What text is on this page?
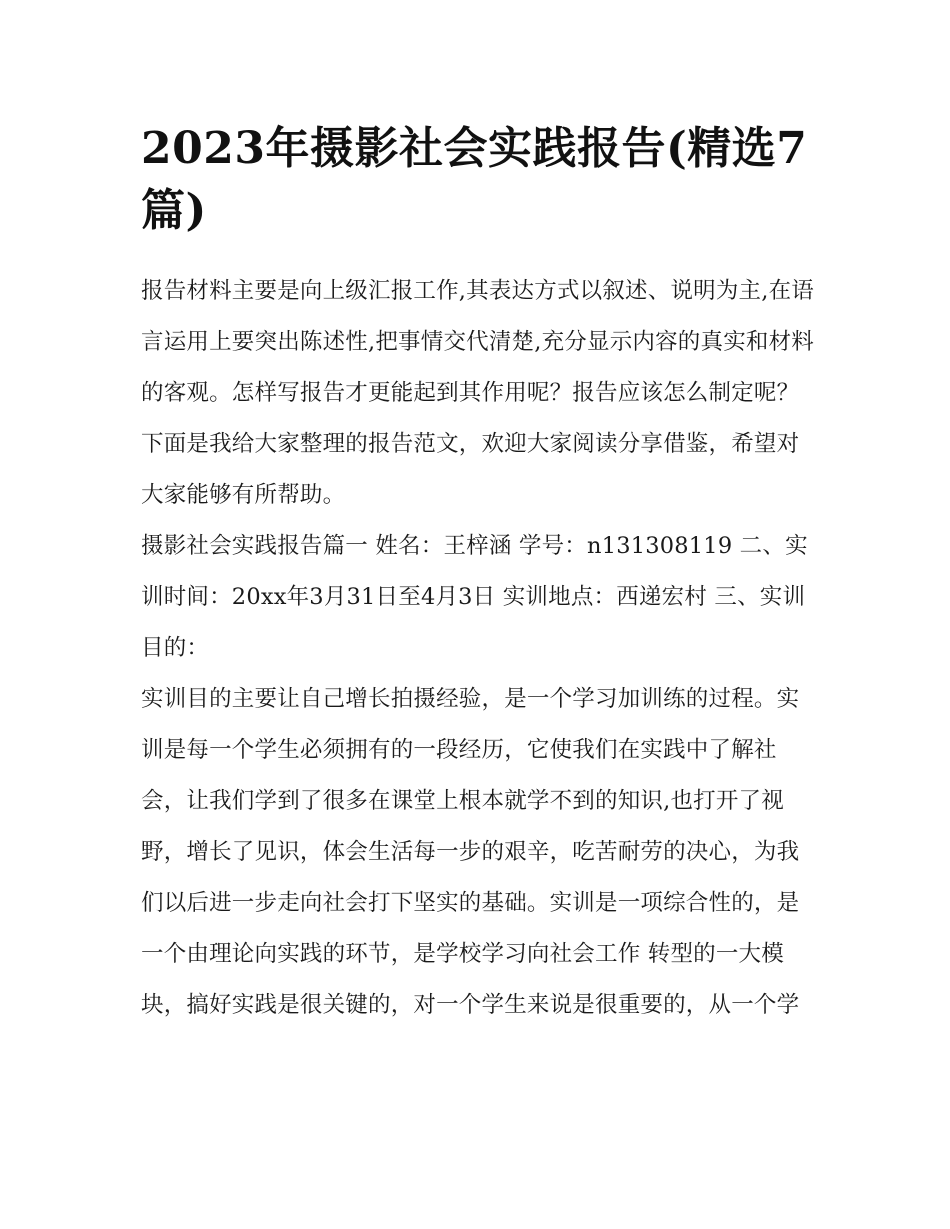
2023年摄影社会实践报告(精选7篇)

报告材料主要是向上级汇报工作,其表达方式以叙述、说明为主,在语言运用上要突出陈述性,把事情交代清楚,充分显示内容的真实和材料的客观。怎样写报告才更能起到其作用呢？报告应该怎么制定呢？下面是我给大家整理的报告范文，欢迎大家阅读分享借鉴，希望对大家能够有所帮助。

摄影社会实践报告篇一 姓名：王梓涵 学号：n131308119 二、实训时间：20xx年3月31日至4月3日 实训地点：西递宏村 三、实训目的：

实训目的主要让自己增长拍摄经验，是一个学习加训练的过程。实训是每一个学生必须拥有的一段经历，它使我们在实践中了解社会，让我们学到了很多在课堂上根本就学不到的知识,也打开了视野，增长了见识，体会生活每一步的艰辛，吃苦耐劳的决心，为我们以后进一步走向社会打下坚实的基础。实训是一项综合性的，是一个由理论向实践的环节，是学校学习向社会工作 转型的一大模块，搞好实践是很关键的，对一个学生来说是很重要的，从一个学
